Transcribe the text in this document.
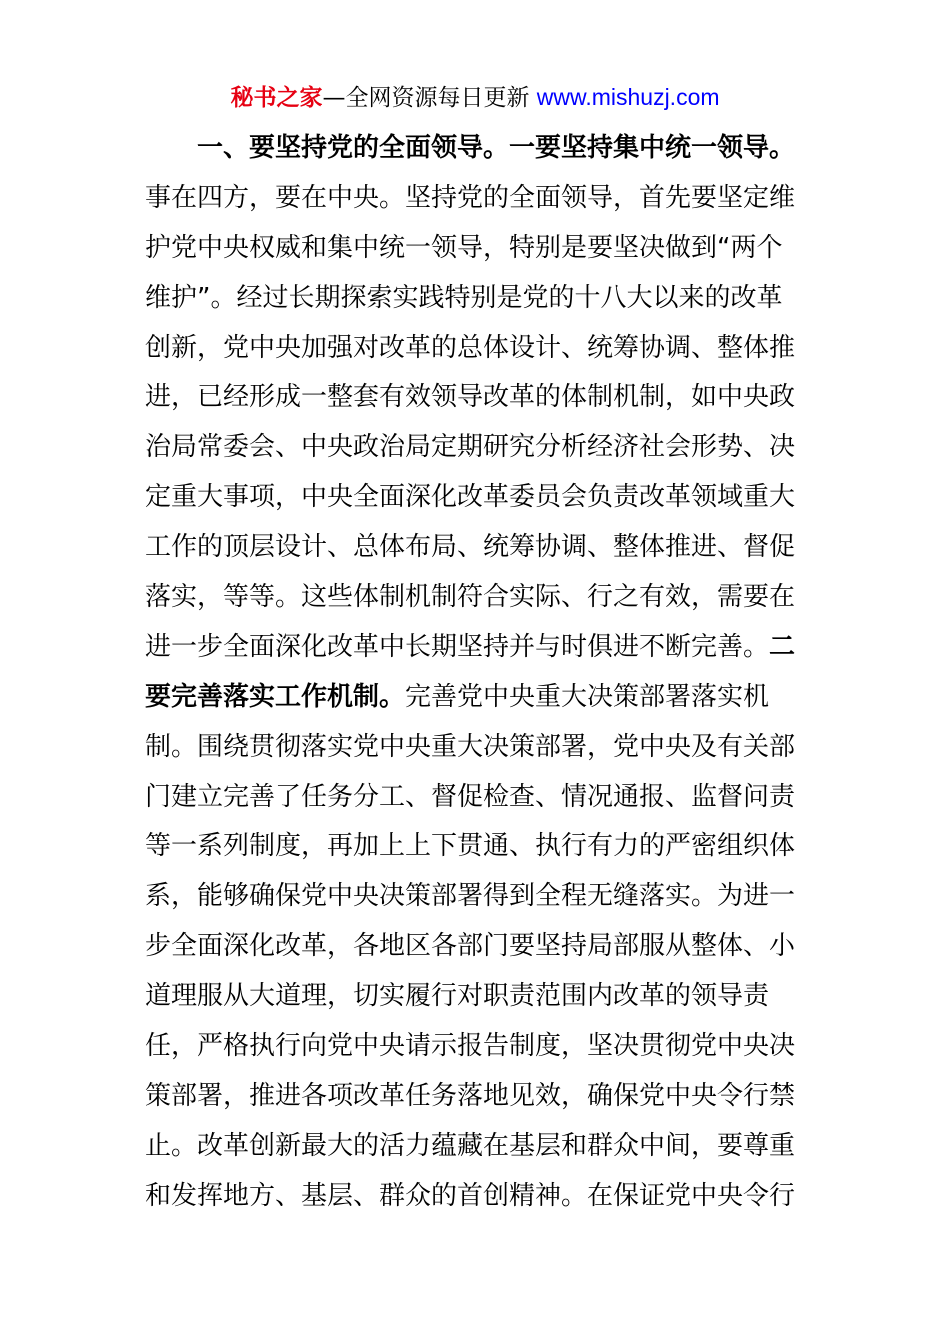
秘书之家—全网资源每日更新 www.mishuzj.com
一、要坚持党的全面领导。一要坚持集中统一领导。
事在四方，要在中央。坚持党的全面领导，首先要坚定维
护党中央权威和集中统一领导，特别是要坚决做到“两个
维护”。经过长期探索实践特别是党的十八大以来的改革
创新，党中央加强对改革的总体设计、统筹协调、整体推
进，已经形成一整套有效领导改革的体制机制，如中央政
治局常委会、中央政治局定期研究分析经济社会形势、决
定重大事项，中央全面深化改革委员会负责改革领域重大
工作的顶层设计、总体布局、统筹协调、整体推进、督促
落实，等等。这些体制机制符合实际、行之有效，需要在
进一步全面深化改革中长期坚持并与时俱进不断完善。二
要完善落实工作机制。完善党中央重大决策部署落实机
制。围绕贯彻落实党中央重大决策部署，党中央及有关部
门建立完善了任务分工、督促检查、情况通报、监督问责
等一系列制度，再加上上下贯通、执行有力的严密组织体
系，能够确保党中央决策部署得到全程无缝落实。为进一
步全面深化改革，各地区各部门要坚持局部服从整体、小
道理服从大道理，切实履行对职责范围内改革的领导责
任，严格执行向党中央请示报告制度，坚决贯彻党中央决
策部署，推进各项改革任务落地见效，确保党中央令行禁
止。改革创新最大的活力蕴藏在基层和群众中间，要尊重
和发挥地方、基层、群众的首创精神。在保证党中央令行
